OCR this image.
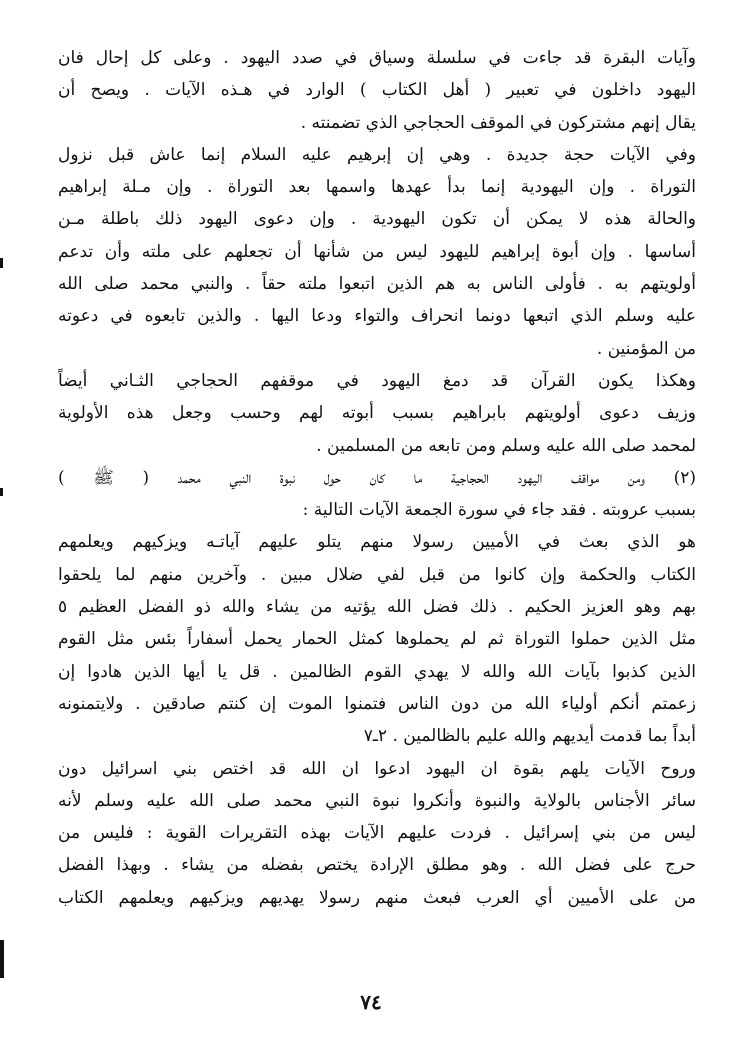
وآيات البقرة قد جاءت في سلسلة وسياق في صدد اليهود . وعلى كل إحال فان
اليهود داخلون في تعبير ( أهل الكتاب ) الوارد في هـذه الآيات . ويصح أن
يقال إنهم مشتركون في الموقف الحجاجي الذي تضمنته .
وفي الآيات حجة جديدة . وهي إن إبرهيم عليه السلام إنما عاش قبل نزول
التوراة . وإن اليهودية إنما بدأ عهدها واسمها بعد التوراة . وإن مـلة إبراهيم
والحالة هذه لا يمكن أن تكون اليهودية . وإن دعوى اليهود ذلك باطلة مـن
أساسها . وإن أبوة إبراهيم لليهود ليس من شأنها أن تجعلهم على ملته وأن تدعم
أولويتهم به . فأولى الناس به هم الذين اتبعوا ملته حقاً . والنبي محمد صلى الله
عليه وسلم الذي اتبعها دونما انحراف والتواء ودعا اليها . والذين تابعوه في دعوته
من المؤمنين .
وهكذا يكون القرآن قد دمغ اليهود في موقفهم الحجاجي الثـاني أيضاً
وزيف دعوى أولويتهم بابراهيم بسبب أبوته لهم وحسب وجعل هذه الأولوية
لمحمد صلى الله عليه وسلم ومن تابعه من المسلمين .
(٢) ومن مواقف اليهود الحجاجية ما كان حول نبوة النبي محمد ( ﷺ )
بسبب عروبته . فقد جاء في سورة الجمعة الآيات التالية :
هو الذي بعث في الأميين رسولا منهم يتلو عليهم آياتـه ويزكيهم ويعلمهم
الكتاب والحكمة وإن كانوا من قبل لفي ضلال مبين . وآخرين منهم لما يلحقوا
بهم وهو العزيز الحكيم . ذلك فضل الله يؤتيه من يشاء والله ذو الفضل العظيم ٥
مثل الذين حملوا التوراة ثم لم يحملوها كمثل الحمار يحمل أسفاراً بئس مثل القوم
الذين كذبوا بآيات الله والله لا يهدي القوم الظالمين . قل يا أيها الذين هادوا إن
زعمتم أنكم أولياء الله من دون الناس فتمنوا الموت إن كنتم صادقين . ولايتمنونه
أبداً بما قدمت أيديهم والله عليم بالظالمين . ٢ـ٧
وروح الآيات يلهم بقوة ان اليهود ادعوا ان الله قد اختص بني اسرائيل دون
سائر الأجناس بالولاية والنبوة وأنكروا نبوة النبي محمد صلى الله عليه وسلم لأنه
ليس من بني إسرائيل . فردت عليهم الآيات بهذه التقريرات القوية : فليس من
حرج على فضل الله . وهو مطلق الإرادة يختص بفضله من يشاء . وبهذا الفضل
من على الأميين أي العرب فبعث منهم رسولا يهديهم ويزكيهم ويعلمهم الكتاب
٧٤
